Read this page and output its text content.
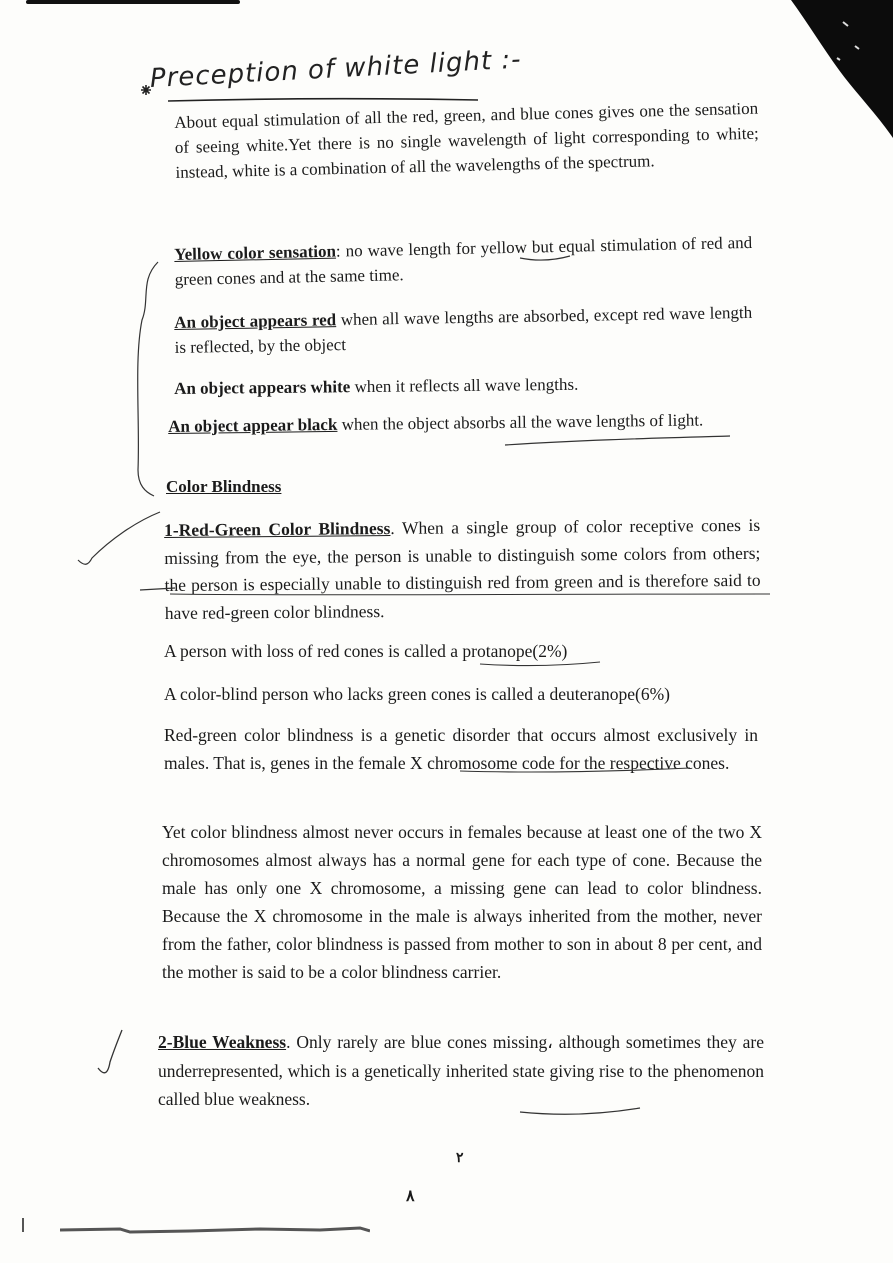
Preception of white light :-

About equal stimulation of all the red, green, and blue cones gives one the sensation of seeing white.Yet there is no single wavelength of light corresponding to white; instead, white is a combination of all the wavelengths of the spectrum.

Yellow color sensation: no wave length for yellow but equal stimulation of red and green cones and at the same time.

An object appears red when all wave lengths are absorbed, except red wave length is reflected, by the object

An object appears white when it reflects all wave lengths.

An object appear black when the object absorbs all the wave lengths of light.

Color Blindness

1-Red-Green Color Blindness. When a single group of color receptive cones is missing from the eye, the person is unable to distinguish some colors from others; the person is especially unable to distinguish red from green and is therefore said to have red-green color blindness.

A person with loss of red cones is called a protanope(2%)

A color-blind person who lacks green cones is called a deuteranope(6%)

Red-green color blindness is a genetic disorder that occurs almost exclusively in males. That is, genes in the female X chromosome code for the respective cones.

Yet color blindness almost never occurs in females because at least one of the two X chromosomes almost always has a normal gene for each type of cone. Because the male has only one X chromosome, a missing gene can lead to color blindness. Because the X chromosome in the male is always inherited from the mother, never from the father, color blindness is passed from mother to son in about 8 per cent, and the mother is said to be a color blindness carrier.

2-Blue Weakness. Only rarely are blue cones missing، although sometimes they are underrepresented, which is a genetically inherited state giving rise to the phenomenon called blue weakness.

٢
٨
